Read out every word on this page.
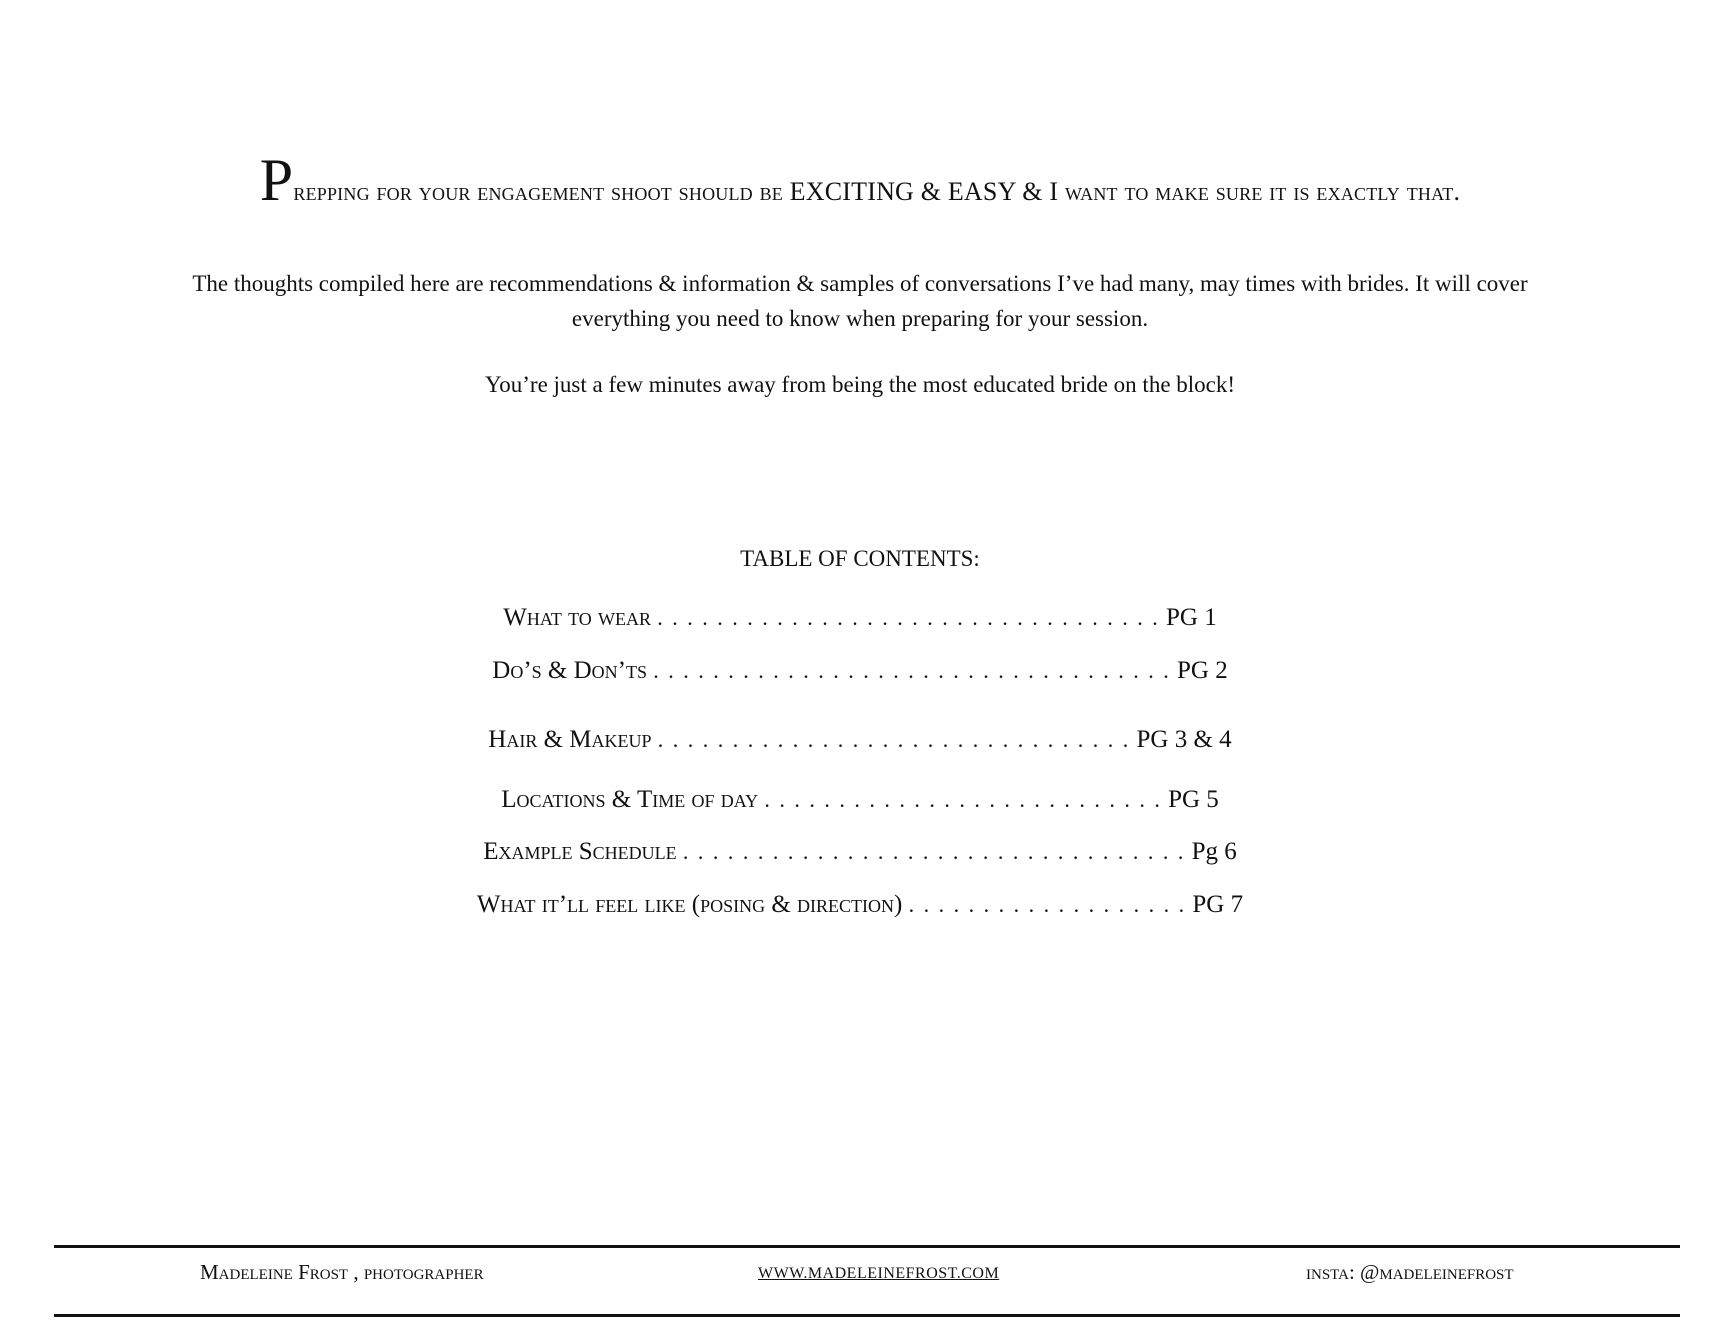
Prepping for your engagement shoot should be EXCITING & EASY & I want to make sure it is exactly that.
The thoughts compiled here are recommendations & information & samples of conversations I’ve had many, may times with brides. It will cover everything you need to know when preparing for your session.
You’re just a few minutes away from being the most educated bride on the block!
TABLE OF CONTENTS:
What to wear . . . . . . . . . . . . . . . . . . . . . . . . . . . . . . . . . . PG 1
Do’s & Don’ts . . . . . . . . . . . . . . . . . . . . . . . . . . . . . . . . . . . PG 2
Hair & Makeup . . . . . . . . . . . . . . . . . . . . . . . . . . . . . . . . PG 3 & 4
Locations & Time of day . . . . . . . . . . . . . . . . . . . . . . . . . . . PG 5
Example Schedule . . . . . . . . . . . . . . . . . . . . . . . . . . . . . . . . . . Pg 6
What it’ll feel like (posing & direction) . . . . . . . . . . . . . . . . . . . PG 7
Madeleine Frost , photographer	WWW.MADELEINEFROST.COM	insta: @madeleinefrost
